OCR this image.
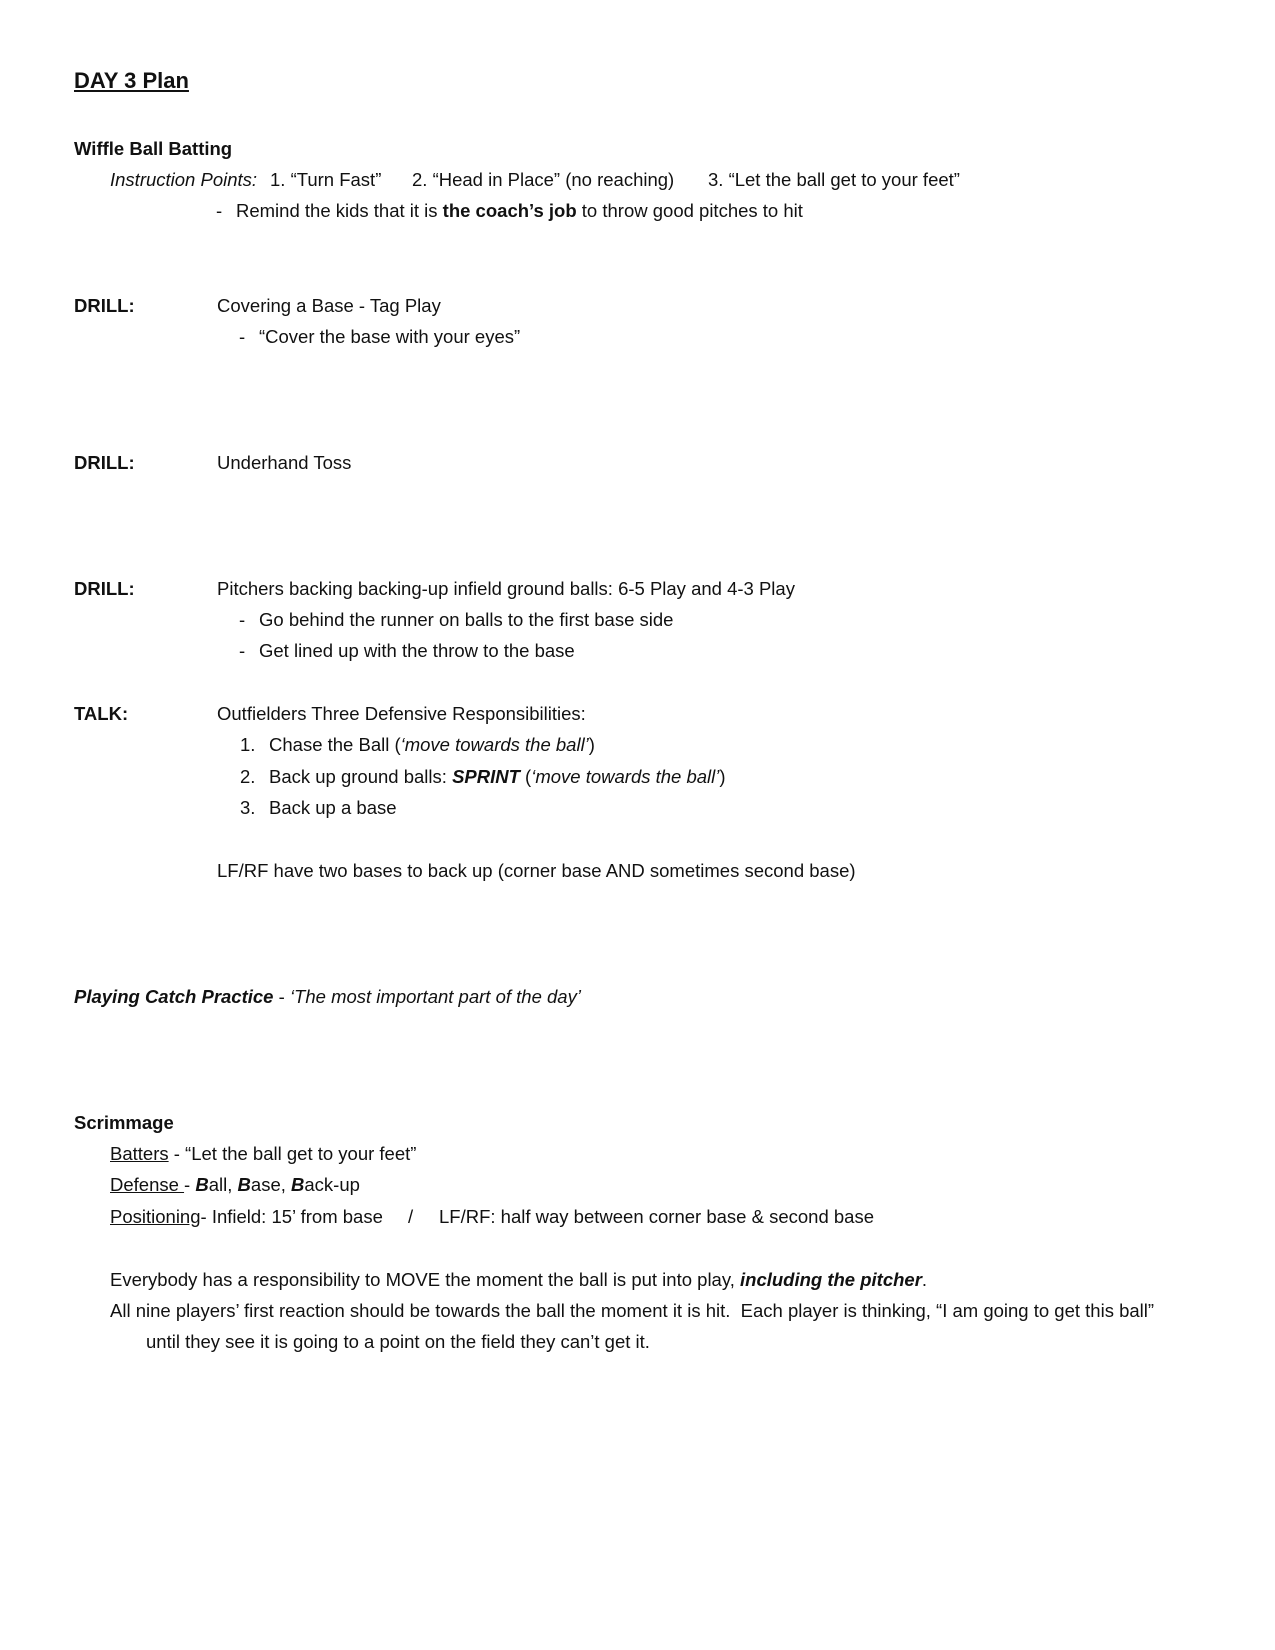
DAY 3 Plan
Wiffle Ball Batting
Instruction Points: 1. “Turn Fast” 2. “Head in Place” (no reaching) 3. “Let the ball get to your feet”
- Remind the kids that it is the coach’s job to throw good pitches to hit
DRILL:	Covering a Base - Tag Play
- “Cover the base with your eyes”
DRILL:	Underhand Toss
DRILL:	Pitchers backing backing-up infield ground balls: 6-5 Play and 4-3 Play
- Go behind the runner on balls to the first base side
- Get lined up with the throw to the base
TALK:	Outfielders Three Defensive Responsibilities:
1. Chase the Ball (‘move towards the ball’)
2. Back up ground balls: SPRINT (‘move towards the ball’)
3. Back up a base
LF/RF have two bases to back up (corner base AND sometimes second base)
Playing Catch Practice - ‘The most important part of the day’
Scrimmage
Batters - “Let the ball get to your feet”
Defense - Ball, Base, Back-up
Positioning- Infield: 15’ from base / LF/RF: half way between corner base & second base
Everybody has a responsibility to MOVE the moment the ball is put into play, including the pitcher.
All nine players’ first reaction should be towards the ball the moment it is hit.  Each player is thinking, “I am going to get this ball”
until they see it is going to a point on the field they can’t get it.
